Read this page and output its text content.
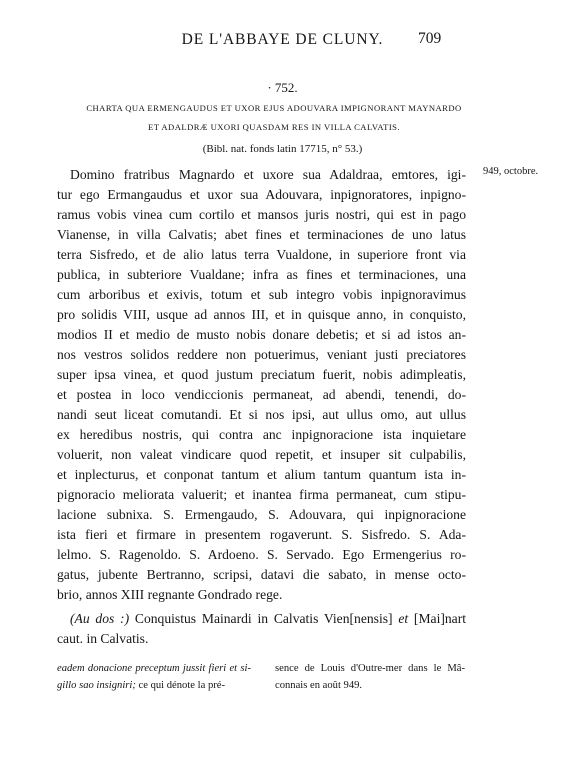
DE L'ABBAYE DE CLUNY.	709
· 752.
CHARTA QUA ERMENGAUDUS ET UXOR EJUS ADOUVARA IMPIGNORANT MAYNARDO
ET ADALDRÆ UXORI QUASDAM RES IN VILLA CALVATIS.
(Bibl. nat. fonds latin 17715, n° 53.)
949, octobre.
Domino fratribus Magnardo et uxore sua Adaldraa, emtores, igi-
tur ego Ermangaudus et uxor sua Adouvara, inpignoratores, inpigno-
ramus vobis vinea cum cortilo et mansos juris nostri, qui est in pago
Vianense, in villa Calvatis; abet fines et terminaciones de uno latus
terra Sisfredo, et de alio latus terra Vualdone, in superiore front via
publica, in subteriore Vualdane; infra as fines et terminaciones, una
cum arboribus et exivis, totum et sub integro vobis inpignoravimus
pro solidis VIII, usque ad annos III, et in quisque anno, in conquisto,
modios II et medio de musto nobis donare debetis; et si ad istos an-
nos vestros solidos reddere non potuerimus, veniant justi preciatores
super ipsa vinea, et quod justum preciatum fuerit, nobis adimpleatis,
et postea in loco vendiccionis permaneat, ad abendi, tenendi, do-
nandi seut liceat comutandi. Et si nos ipsi, aut ullus omo, aut ullus
ex heredibus nostris, qui contra anc inpignoracione ista inquietare
voluerit, non valeat vindicare quod repetit, et insuper sit culpabilis,
et inplecturus, et conponat tantum et alium tantum quantum ista in-
pignoracio meliorata valuerit; et inantea firma permaneat, cum stipu-
lacione subnixa. S. Ermengaudo, S. Adouvara, qui inpignoracione
ista fieri et firmare in presentem rogaverunt. S. Sisfredo. S. Ada-
lelmo. S. Ragenoldo. S. Ardoeno. S. Servado. Ego Ermengerius ro-
gatus, jubente Bertranno, scripsi, datavi die sabato, in mense octo-
brio, annos XIII regnante Gondrado rege.
(Au dos :) Conquistus Mainardi in Calvatis Vien[nensis] et [Mai]nart
caut. in Calvatis.
eadem donacione preceptum jussit fieri et si-
gillo sao insigniri; ce qui dénote la pré-
sence de Louis d'Outre-mer dans le Mâ-
connais en août 949.
